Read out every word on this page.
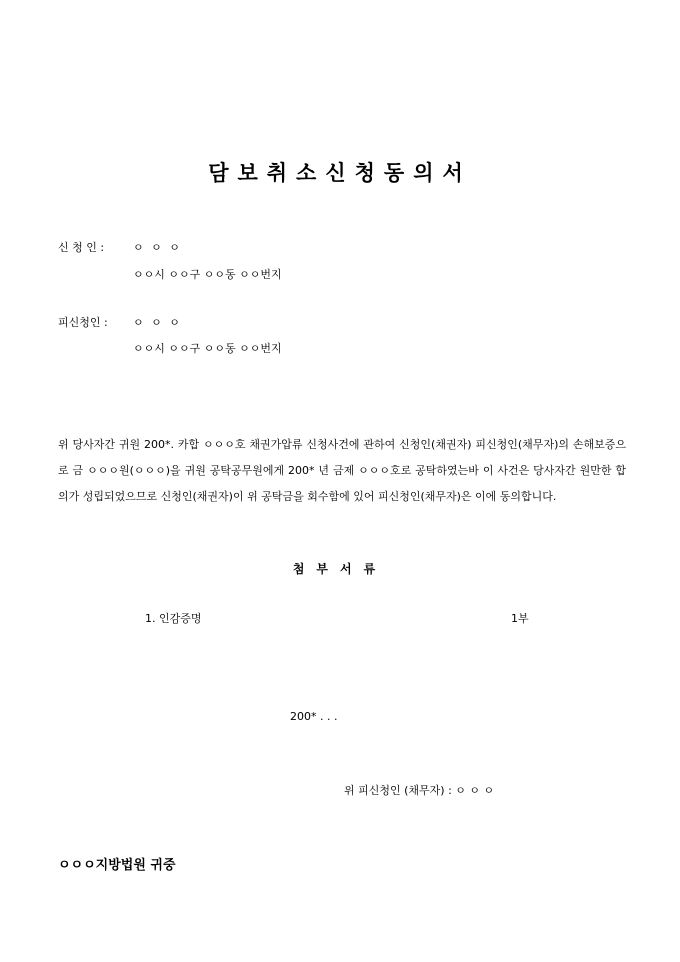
담보취소신청동의서
신 청 인 :	ㅇ ㅇ ㅇ
ㅇㅇ시 ㅇㅇ구 ㅇㅇ동 ㅇㅇ번지
피신청인 : ㅇ ㅇ ㅇ
ㅇㅇ시 ㅇㅇ구 ㅇㅇ동 ㅇㅇ번지
위 당사자간 귀원 200*. 카합 ㅇㅇㅇ호 채권가압류 신청사건에 관하여 신청인(채권자) 피신청인(채무자)의 손해보증으로 금 ㅇㅇㅇ원(ㅇㅇㅇ)을 귀원 공탁공무원에게 200* 년 금제 ㅇㅇㅇ호로 공탁하였는바 이 사건은 당사자간 원만한 합의가 성립되었으므로 신청인(채권자)이 위 공탁금을 회수함에 있어 피신청인(채무자)은 이에 동의합니다.
첨부서류
1. 인감증명	1부
200* . . .
위 피신청인 (채무자) : ㅇ ㅇ ㅇ
ㅇㅇㅇ지방법원 귀중
